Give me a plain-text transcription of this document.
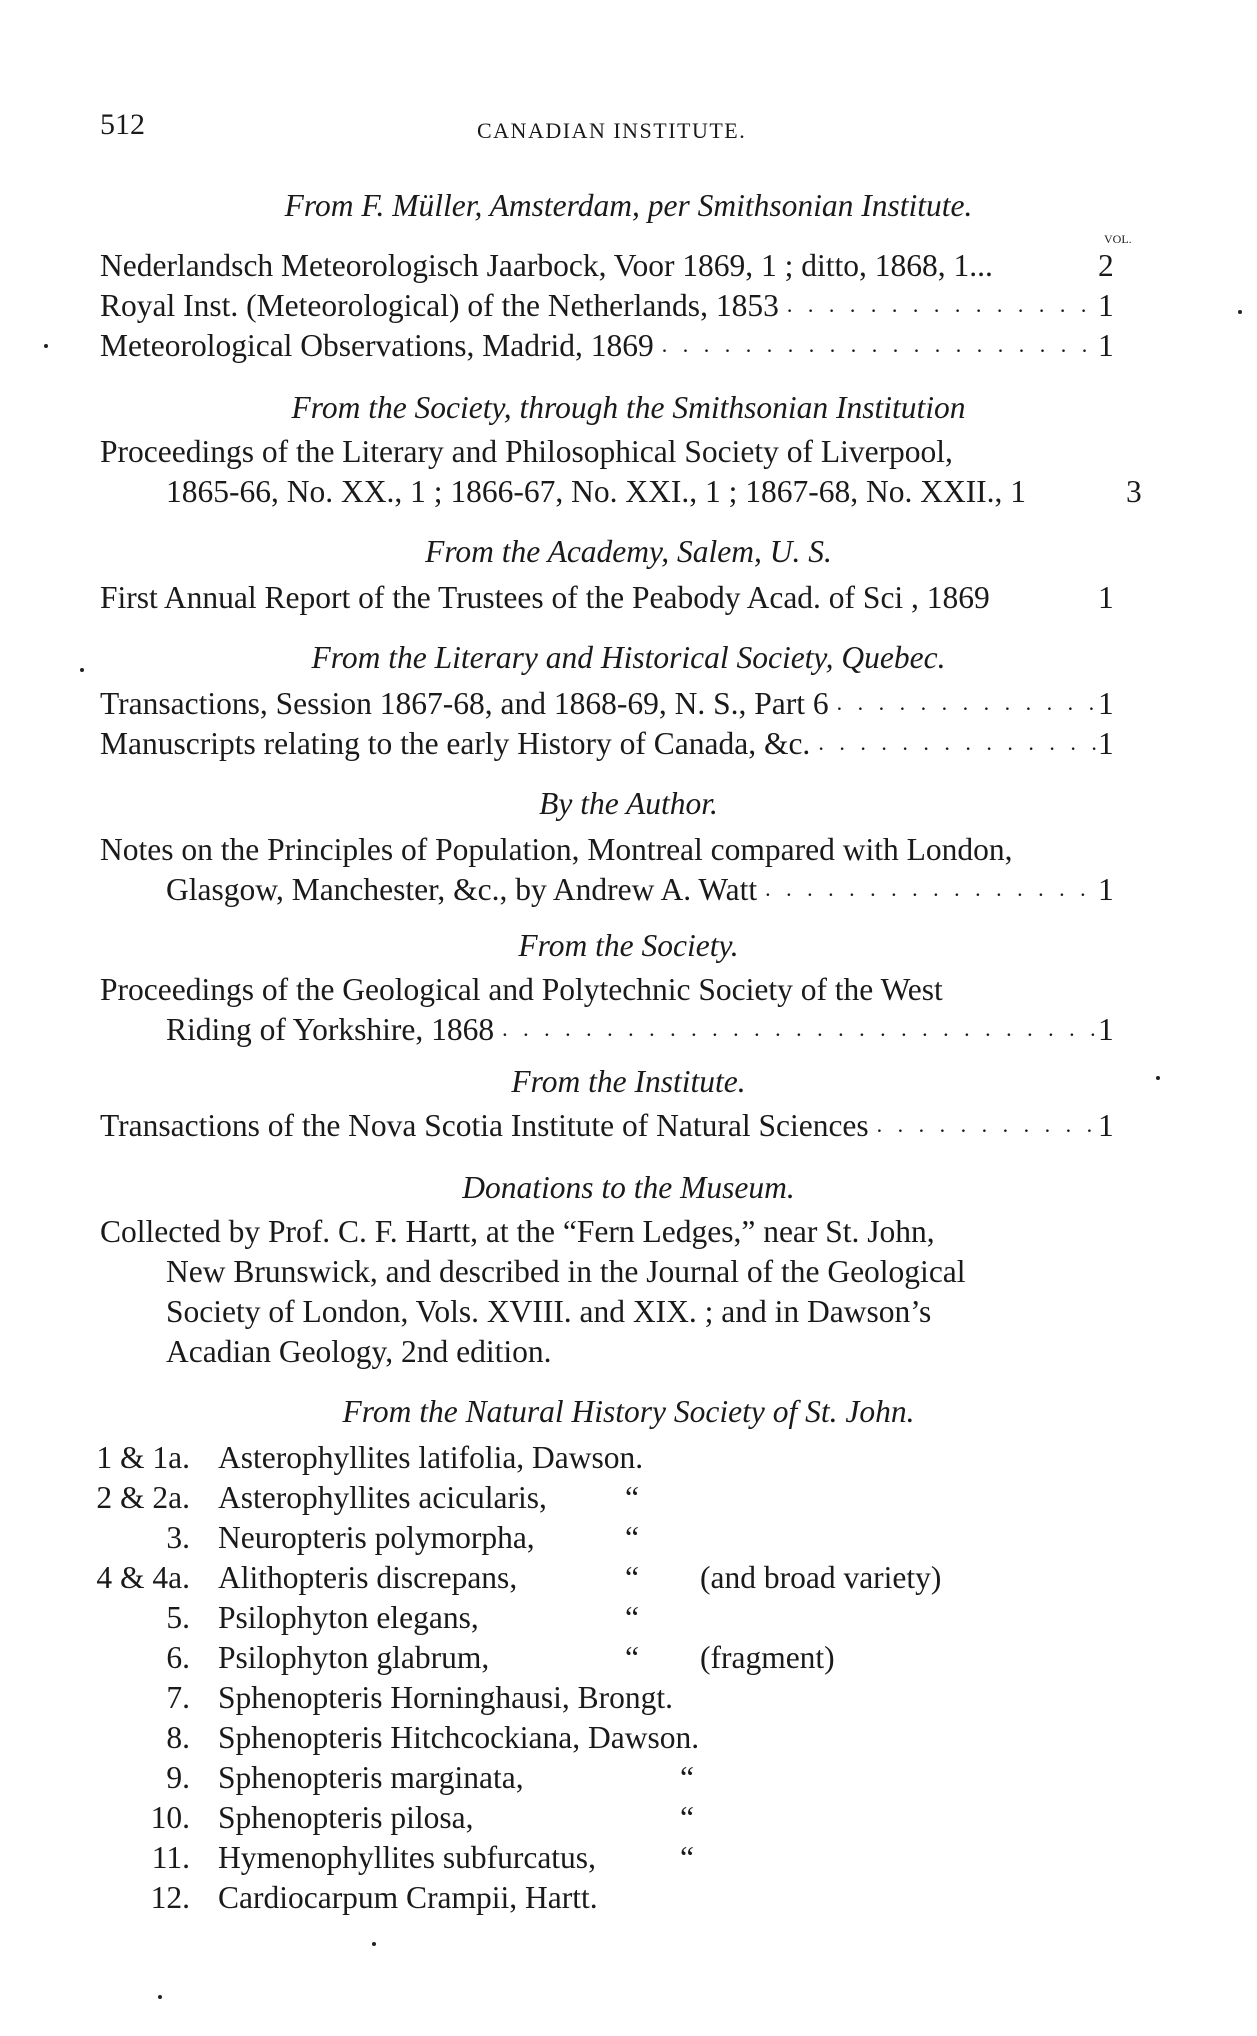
512	CANADIAN INSTITUTE.
From F. Müller, Amsterdam, per Smithsonian Institute.
VOL.
Nederlandsch Meteorologisch Jaarbock, Voor 1869, 1 ; ditto, 1868, 1...	2
Royal Inst. (Meteorological) of the Netherlands, 1853 . . .	1
Meteorological Observations, Madrid, 1869 . . .	1
From the Society, through the Smithsonian Institution
Proceedings of the Literary and Philosophical Society of Liverpool,
1865-66, No. XX., 1 ; 1866-67, No. XXI., 1 ; 1867-68, No. XXII., 1	3
From the Academy, Salem, U. S.
First Annual Report of the Trustees of the Peabody Acad. of Sci , 1869	1
From the Literary and Historical Society, Quebec.
Transactions, Session 1867-68, and 1868-69, N. S., Part 6 . . .	1
Manuscripts relating to the early History of Canada, &c. . . .	1
By the Author.
Notes on the Principles of Population, Montreal compared with London,
Glasgow, Manchester, &c., by Andrew A. Watt . . .	1
From the Society.
Proceedings of the Geological and Polytechnic Society of the West
Riding of Yorkshire, 1868 . . .	1
From the Institute.
Transactions of the Nova Scotia Institute of Natural Sciences . . .	1
Donations to the Museum.
Collected by Prof. C. F. Hartt, at the “Fern Ledges,” near St. John,
New Brunswick, and described in the Journal of the Geological
Society of London, Vols. XVIII. and XIX. ; and in Dawson’s
Acadian Geology, 2nd edition.
From the Natural History Society of St. John.
1 & 1a. Asterophyllites latifolia, Dawson.
2 & 2a. Asterophyllites acicularis, “
3. Neuropteris polymorpha,	“
4 & 4a. Alithopteris discrepans,	“ (and broad variety)
5. Psilophyton elegans,	“
6. Psilophyton glabrum,	“ (fragment)
7. Sphenopteris Horninghausi, Brongt.
8. Sphenopteris Hitchcockiana, Dawson.
9. Sphenopteris marginata,	“
10. Sphenopteris pilosa,	“
11. Hymenophyllites subfurcatus,	“
12. Cardiocarpum Crampii, Hartt.
